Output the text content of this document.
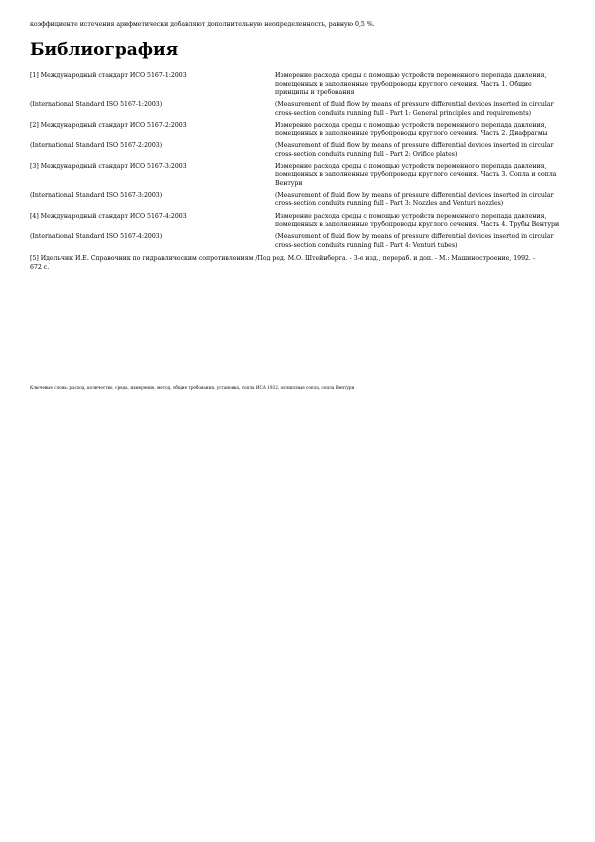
коэффициенте истечения арифметически добавляют дополнительную неопределенность, равную 0,5 %.
Библиография
[1] Международный стандарт ИСО 5167-1:2003	Измерение расхода среды с помощью устройств переменного перепада давления, помещенных в заполненные трубопроводы круглого сечения. Часть 1. Общие принципы и требования
(International Standard ISO 5167-1:2003)	(Measurement of fluid flow by means of pressure differential devices inserted in circular cross-section conduits running full - Part 1: General principles and requirements)
[2] Международный стандарт ИСО 5167-2:2003	Измерение расхода среды с помощью устройств переменного перепада давления, помещенных в заполненные трубопроводы круглого сечения. Часть 2. Диафрагмы
(International Standard ISO 5167-2:2003)	(Measurement of fluid flow by means of pressure differential devices inserted in circular cross-section conduits running full - Part 2: Orifice plates)
[3] Международный стандарт ИСО 5167-3:2003	Измерение расхода среды с помощью устройств переменного перепада давления, помещенных в заполненные трубопроводы круглого сечения. Часть 3. Сопла и сопла Вентури
(International Standard ISO 5167-3:2003)	(Measurement of fluid flow by means of pressure differential devices inserted in circular cross-section conduits running full - Part 3: Nozzles and Venturi nozzles)
[4] Международный стандарт ИСО 5167-4:2003	Измерение расхода среды с помощью устройств переменного перепада давления, помещенных в заполненные трубопроводы круглого сечения. Часть 4. Трубы Вентури
(International Standard ISO 5167-4:2003)	(Measurement of fluid flow by means of pressure differential devices inserted in circular cross-section conduits running full - Part 4: Venturi tubes)
[5] Идельчик И.Е. Справочник по гидравлическим сопротивлениям /Под ред. М.О. Штейнберга. - 3-е изд., перераб. и доп. - М.: Машиностроение, 1992. - 672 с.
Ключевые слова: расход, количество, среда, измерение, метод, общие требования, установка, сопла ИСА 1932, эллипсные сопла, сопла Вентури
